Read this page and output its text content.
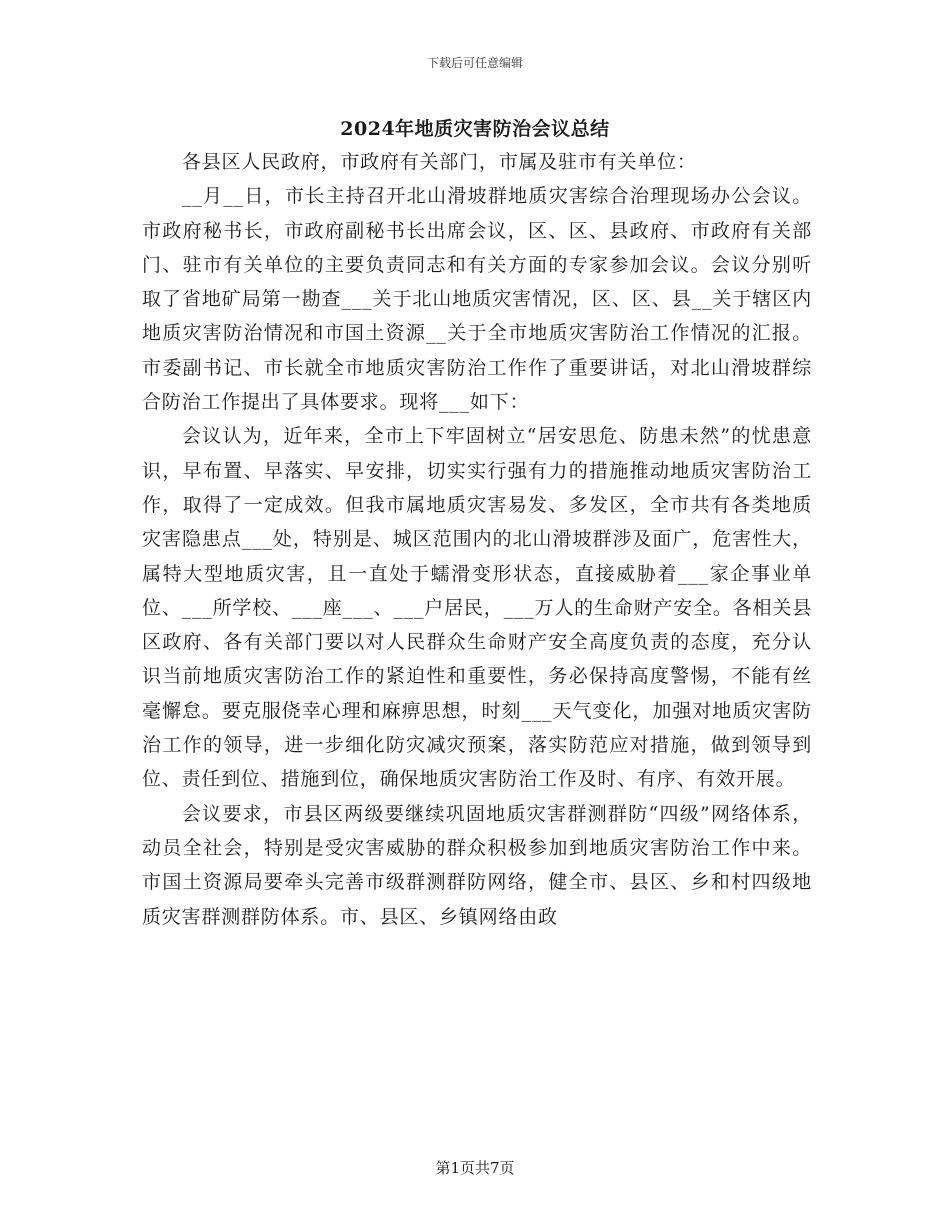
下载后可任意编辑
2024年地质灾害防治会议总结

各县区人民政府，市政府有关部门，市属及驻市有关单位：

__月__日，市长主持召开北山滑坡群地质灾害综合治理现场办公会议。市政府秘书长，市政府副秘书长出席会议，区、区、县政府、市政府有关部门、驻市有关单位的主要负责同志和有关方面的专家参加会议。会议分别听取了省地矿局第一勘查___关于北山地质灾害情况，区、区、县__关于辖区内地质灾害防治情况和市国土资源__关于全市地质灾害防治工作情况的汇报。市委副书记、市长就全市地质灾害防治工作作了重要讲话，对北山滑坡群综合防治工作提出了具体要求。现将___如下：

会议认为，近年来，全市上下牢固树立“居安思危、防患未然”的忧患意识，早布置、早落实、早安排，切实实行强有力的措施推动地质灾害防治工作，取得了一定成效。但我市属地质灾害易发、多发区，全市共有各类地质灾害隐患点___处，特别是、城区范围内的北山滑坡群涉及面广，危害性大，属特大型地质灾害，且一直处于蠕滑变形状态，直接威胁着___家企事业单位、___所学校、___座___、___户居民，___万人的生命财产安全。各相关县区政府、各有关部门要以对人民群众生命财产安全高度负责的态度，充分认识当前地质灾害防治工作的紧迫性和重要性，务必保持高度警惕，不能有丝毫懈怠。要克服侥幸心理和麻痹思想，时刻___天气变化，加强对地质灾害防治工作的领导，进一步细化防灾减灾预案，落实防范应对措施，做到领导到位、责任到位、措施到位，确保地质灾害防治工作及时、有序、有效开展。

会议要求，市县区两级要继续巩固地质灾害群测群防“四级”网络体系，动员全社会，特别是受灾害威胁的群众积极参加到地质灾害防治工作中来。市国土资源局要牵头完善市级群测群防网络，健全市、县区、乡和村四级地质灾害群测群防体系。市、县区、乡镇网络由政

第1页共7页
